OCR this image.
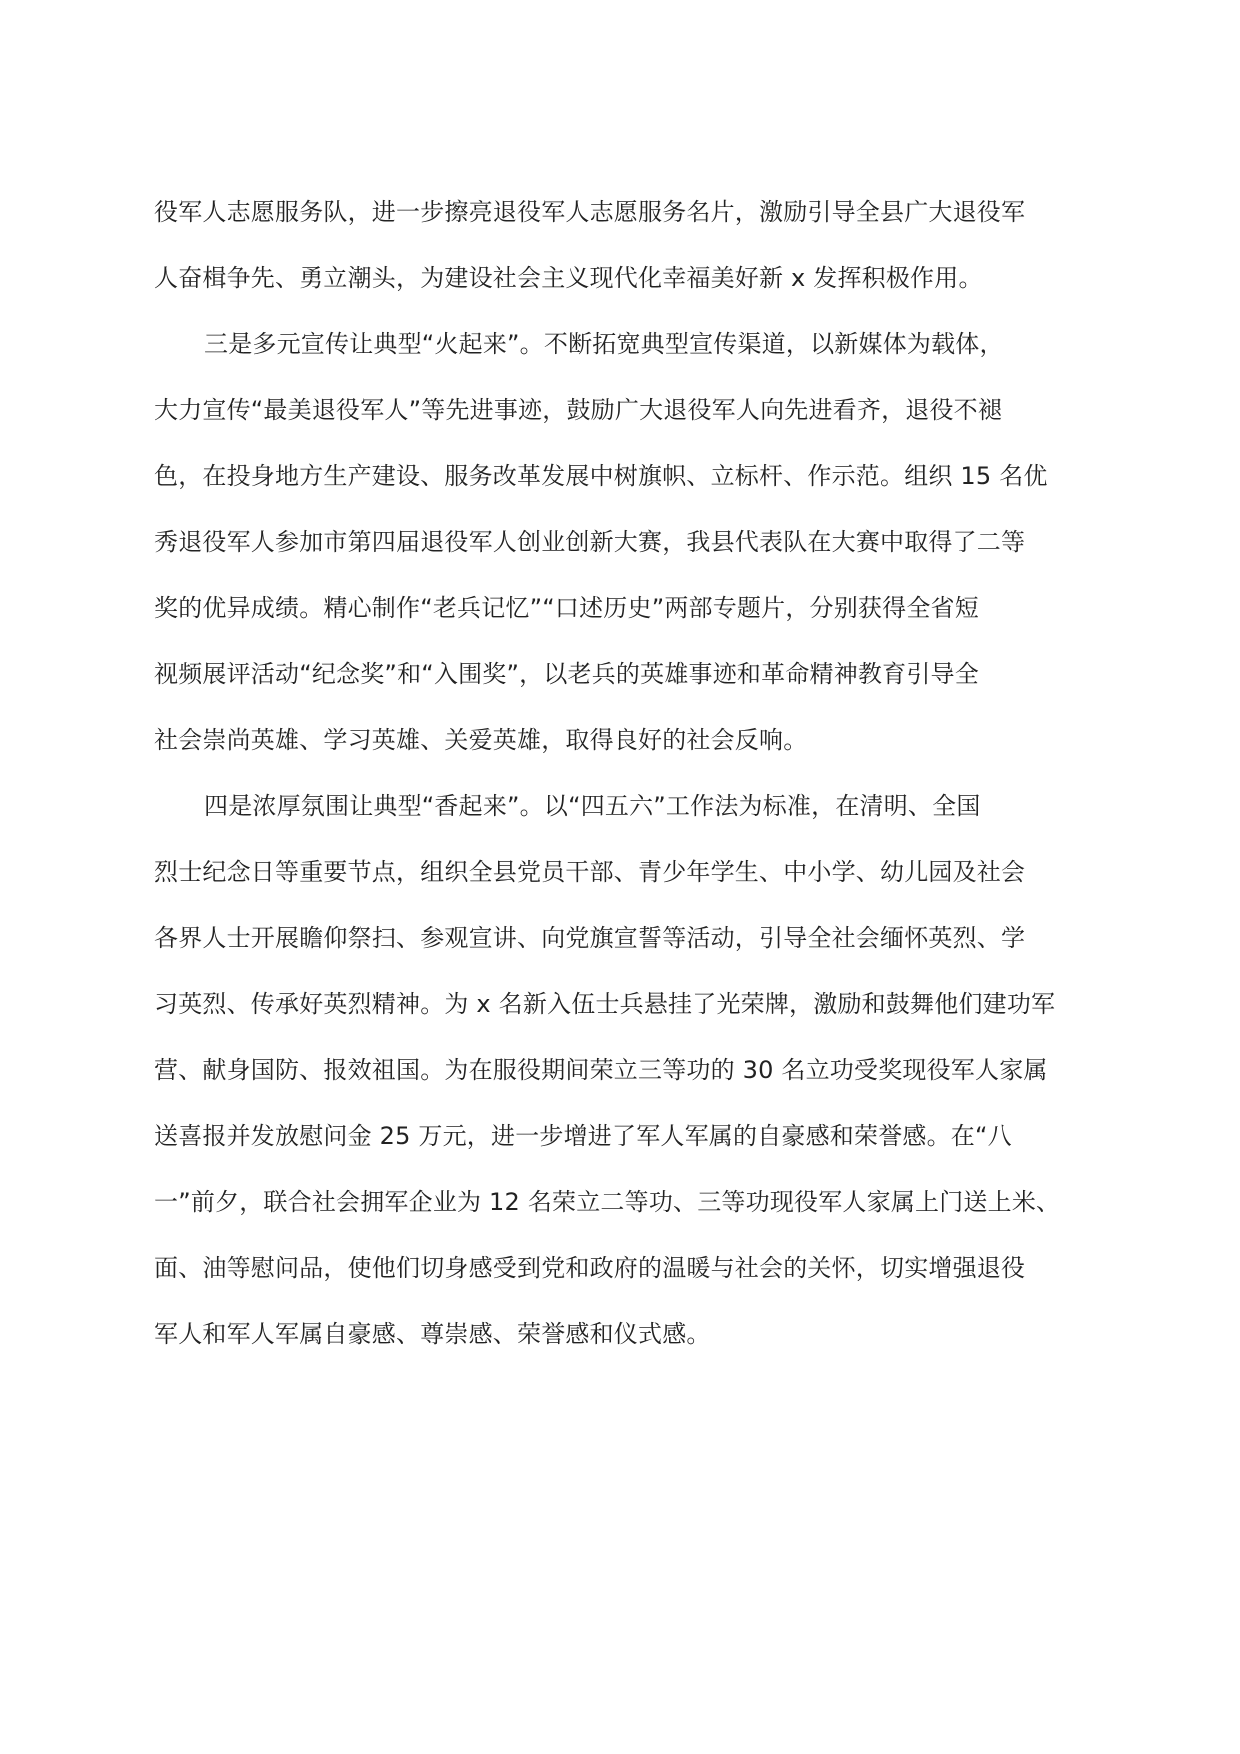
役军人志愿服务队，进一步擦亮退役军人志愿服务名片，激励引导全县广大退役军
人奋楫争先、勇立潮头，为建设社会主义现代化幸福美好新 x 发挥积极作用。
三是多元宣传让典型“火起来”。不断拓宽典型宣传渠道，以新媒体为载体，
大力宣传“最美退役军人”等先进事迹，鼓励广大退役军人向先进看齐，退役不褪
色，在投身地方生产建设、服务改革发展中树旗帜、立标杆、作示范。组织 15 名优
秀退役军人参加市第四届退役军人创业创新大赛，我县代表队在大赛中取得了二等
奖的优异成绩。精心制作“老兵记忆”“口述历史”两部专题片，分别获得全省短
视频展评活动“纪念奖”和“入围奖”，以老兵的英雄事迹和革命精神教育引导全
社会崇尚英雄、学习英雄、关爱英雄，取得良好的社会反响。
四是浓厚氛围让典型“香起来”。以“四五六”工作法为标准，在清明、全国
烈士纪念日等重要节点，组织全县党员干部、青少年学生、中小学、幼儿园及社会
各界人士开展瞻仰祭扫、参观宣讲、向党旗宣誓等活动，引导全社会缅怀英烈、学
习英烈、传承好英烈精神。为 x 名新入伍士兵悬挂了光荣牌，激励和鼓舞他们建功军
营、献身国防、报效祖国。为在服役期间荣立三等功的 30 名立功受奖现役军人家属
送喜报并发放慰问金 25 万元，进一步增进了军人军属的自豪感和荣誉感。在“八
一”前夕，联合社会拥军企业为 12 名荣立二等功、三等功现役军人家属上门送上米、
面、油等慰问品，使他们切身感受到党和政府的温暖与社会的关怀，切实增强退役
军人和军人军属自豪感、尊崇感、荣誉感和仪式感。
